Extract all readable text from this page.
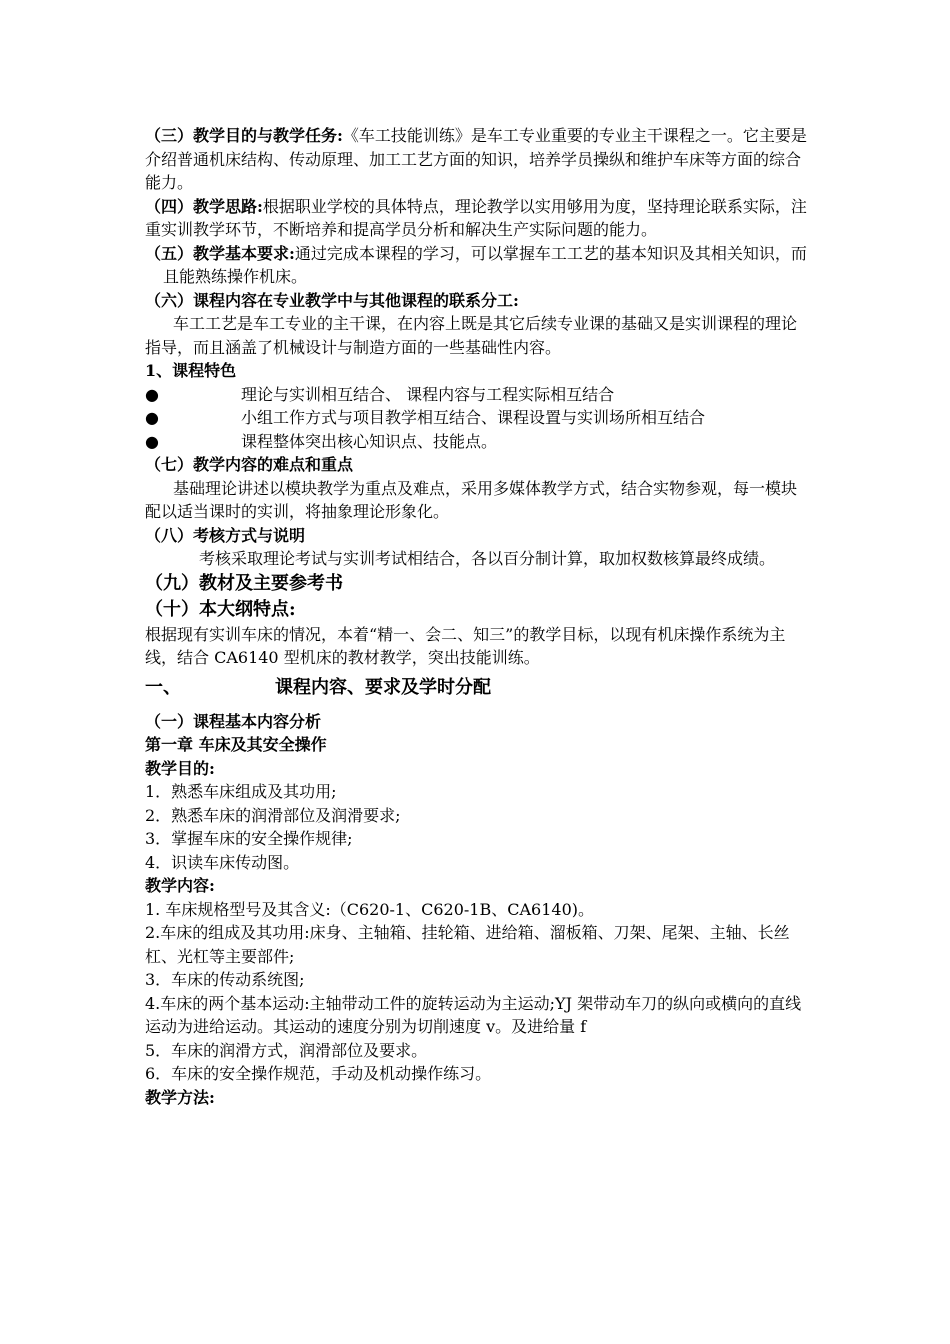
（三）教学目的与教学任务:《车工技能训练》是车工专业重要的专业主干课程之一。它主要是介绍普通机床结构、传动原理、加工工艺方面的知识，培养学员操纵和维护车床等方面的综合能力。

（四）教学思路:根据职业学校的具体特点，理论教学以实用够用为度，坚持理论联系实际，注重实训教学环节，不断培养和提高学员分析和解决生产实际问题的能力。

（五）教学基本要求:通过完成本课程的学习，可以掌握车工工艺的基本知识及其相关知识，而且能熟练操作机床。

（六）课程内容在专业教学中与其他课程的联系分工:

车工工艺是车工专业的主干课，在内容上既是其它后续专业课的基础又是实训课程的理论指导，而且涵盖了机械设计与制造方面的一些基础性内容。

1、课程特色

●	理论与实训相互结合、 课程内容与工程实际相互结合
●	小组工作方式与项目教学相互结合、课程设置与实训场所相互结合
●	课程整体突出核心知识点、技能点。

（七）教学内容的难点和重点

基础理论讲述以模块教学为重点及难点，采用多媒体教学方式，结合实物参观，每一模块配以适当课时的实训，将抽象理论形象化。

（八）考核方式与说明

考核采取理论考试与实训考试相结合，各以百分制计算，取加权数核算最终成绩。

（九）教材及主要参考书

（十）本大纲特点:

根据现有实训车床的情况，本着“精一、会二、知三”的教学目标，以现有机床操作系统为主线，结合 CA6140 型机床的教材教学，突出技能训练。

一、	课程内容、要求及学时分配

（一）课程基本内容分析

第一章 车床及其安全操作

教学目的:

1．熟悉车床组成及其功用;

2．熟悉车床的润滑部位及润滑要求;

3．掌握车床的安全操作规律;

4．识读车床传动图。

教学内容:

1. 车床规格型号及其含义:（C620-1、C620-1B、CA6140)。

2.车床的组成及其功用:床身、主轴箱、挂轮箱、进给箱、溜板箱、刀架、尾架、主轴、长丝杠、光杠等主要部件;

3．车床的传动系统图;

4.车床的两个基本运动:主轴带动工件的旋转运动为主运动;YJ 架带动车刀的纵向或横向的直线运动为进给运动。其运动的速度分别为切削速度 v。及进给量 f

5．车床的润滑方式，润滑部位及要求。

6．车床的安全操作规范，手动及机动操作练习。

教学方法:
